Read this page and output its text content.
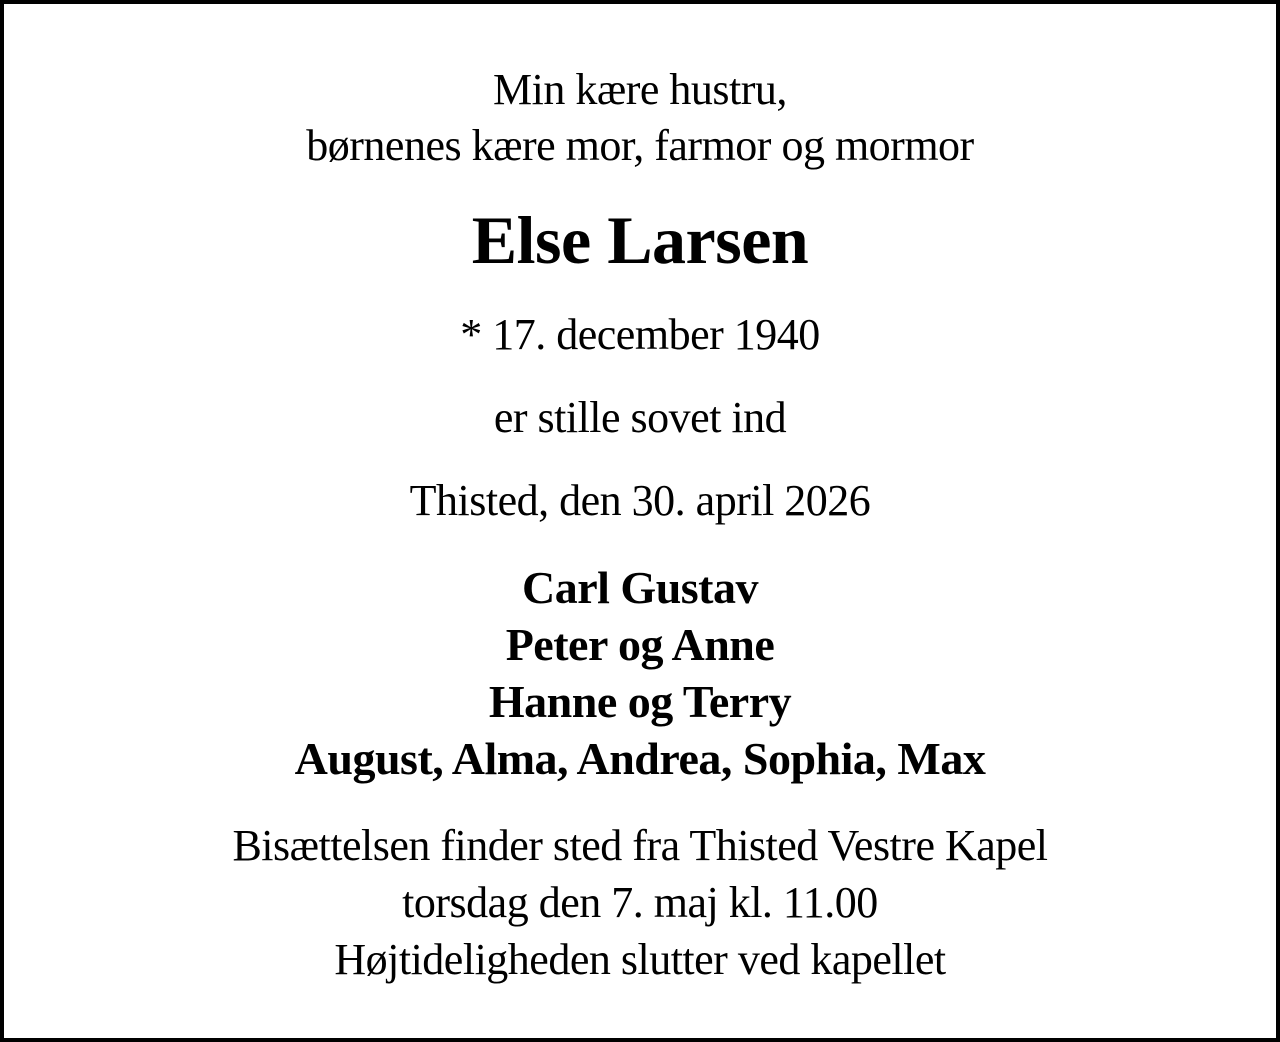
Min kære hustru,
børnenes kære mor, farmor og mormor
Else Larsen
* 17. december 1940
er stille sovet ind
Thisted, den 30. april 2026
Carl Gustav
Peter og Anne
Hanne og Terry
August, Alma, Andrea, Sophia, Max
Bisættelsen finder sted fra Thisted Vestre Kapel
torsdag den 7. maj kl. 11.00
Højtideligheden slutter ved kapellet
